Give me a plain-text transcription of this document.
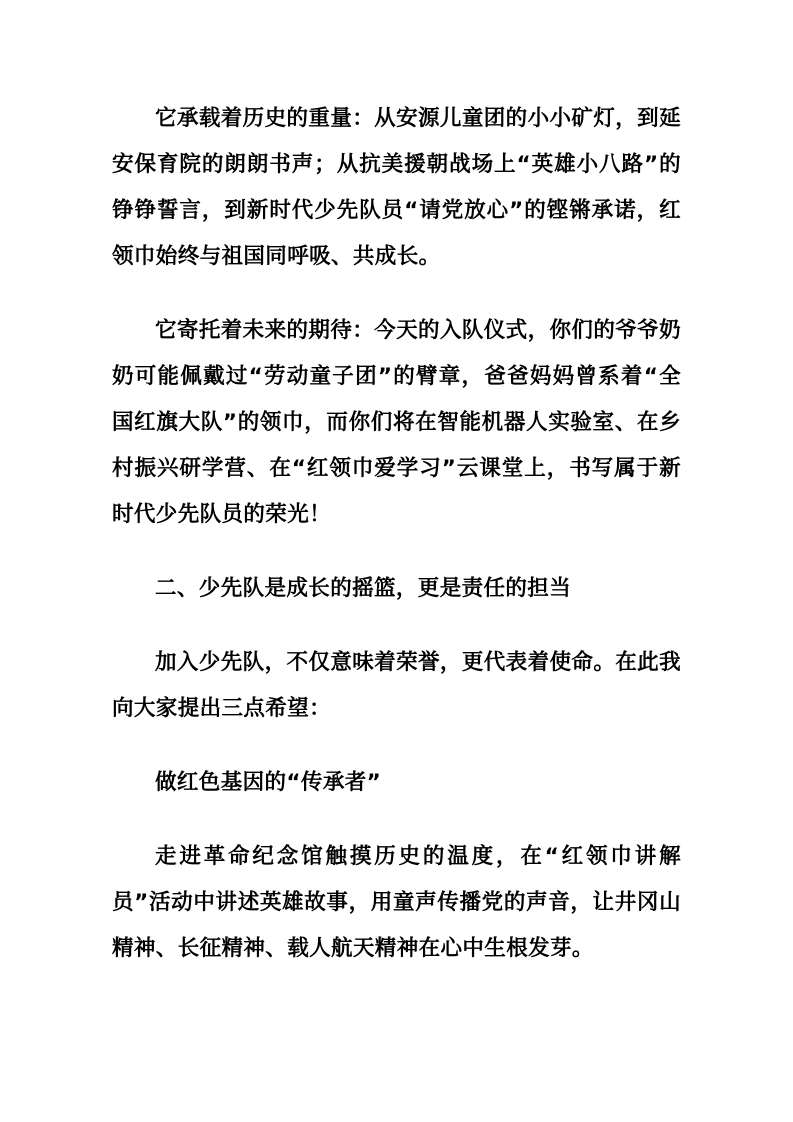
它承载着历史的重量：从安源儿童团的小小矿灯，到延安保育院的朗朗书声；从抗美援朝战场上“英雄小八路”的铮铮誓言，到新时代少先队员“请党放心”的铿锵承诺，红领巾始终与祖国同呼吸、共成长。

它寄托着未来的期待：今天的入队仪式，你们的爷爷奶奶可能佩戴过“劳动童子团”的臂章，爸爸妈妈曾系着“全国红旗大队”的领巾，而你们将在智能机器人实验室、在乡村振兴研学营、在“红领巾爱学习”云课堂上，书写属于新时代少先队员的荣光！

二、少先队是成长的摇篮，更是责任的担当

加入少先队，不仅意味着荣誉，更代表着使命。在此我向大家提出三点希望：

做红色基因的“传承者”

走进革命纪念馆触摸历史的温度，在“红领巾讲解员”活动中讲述英雄故事，用童声传播党的声音，让井冈山精神、长征精神、载人航天精神在心中生根发芽。
